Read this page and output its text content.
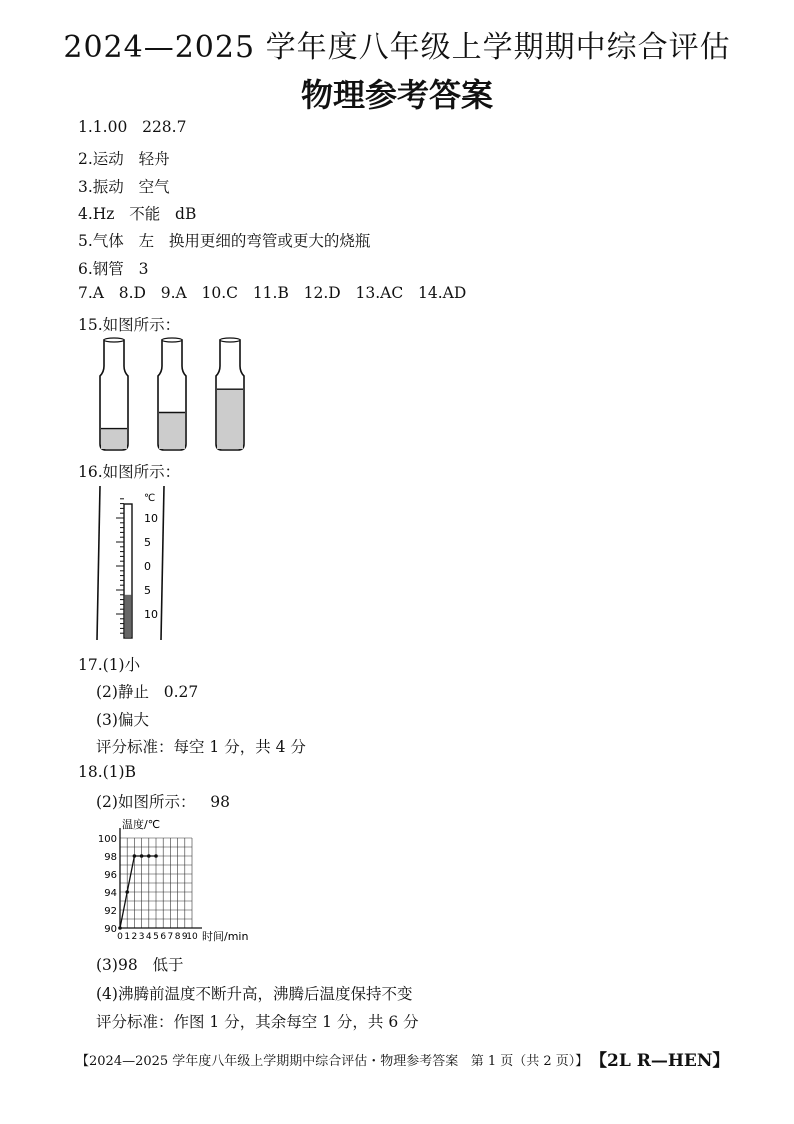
2024—2025 学年度八年级上学期期中综合评估
物理参考答案
1.1.00   228.7
2.运动   轻舟
3.振动   空气
4.Hz   不能   dB
5.气体   左   换用更细的弯管或更大的烧瓶
6.钢管   3
7.A   8.D   9.A   10.C   11.B   12.D   13.AC   14.AD
15.如图所示：
16.如图所示：
℃
10
5
0
5
10
17.(1)小
(2)静止   0.27
(3)偏大
评分标准：每空 1 分，共 4 分
18.(1)B
(2)如图所示：   98
90
92
94
96
98
100
0 1 2 3 4 5 6 7 8 9
10
温度/℃
时间/min
(3)98   低于
(4)沸腾前温度不断升高，沸腾后温度保持不变
评分标准：作图 1 分，其余每空 1 分，共 6 分
【2024—2025 学年度八年级上学期期中综合评估・物理参考答案   第 1 页（共 2 页）】 【2L R—HEN】
